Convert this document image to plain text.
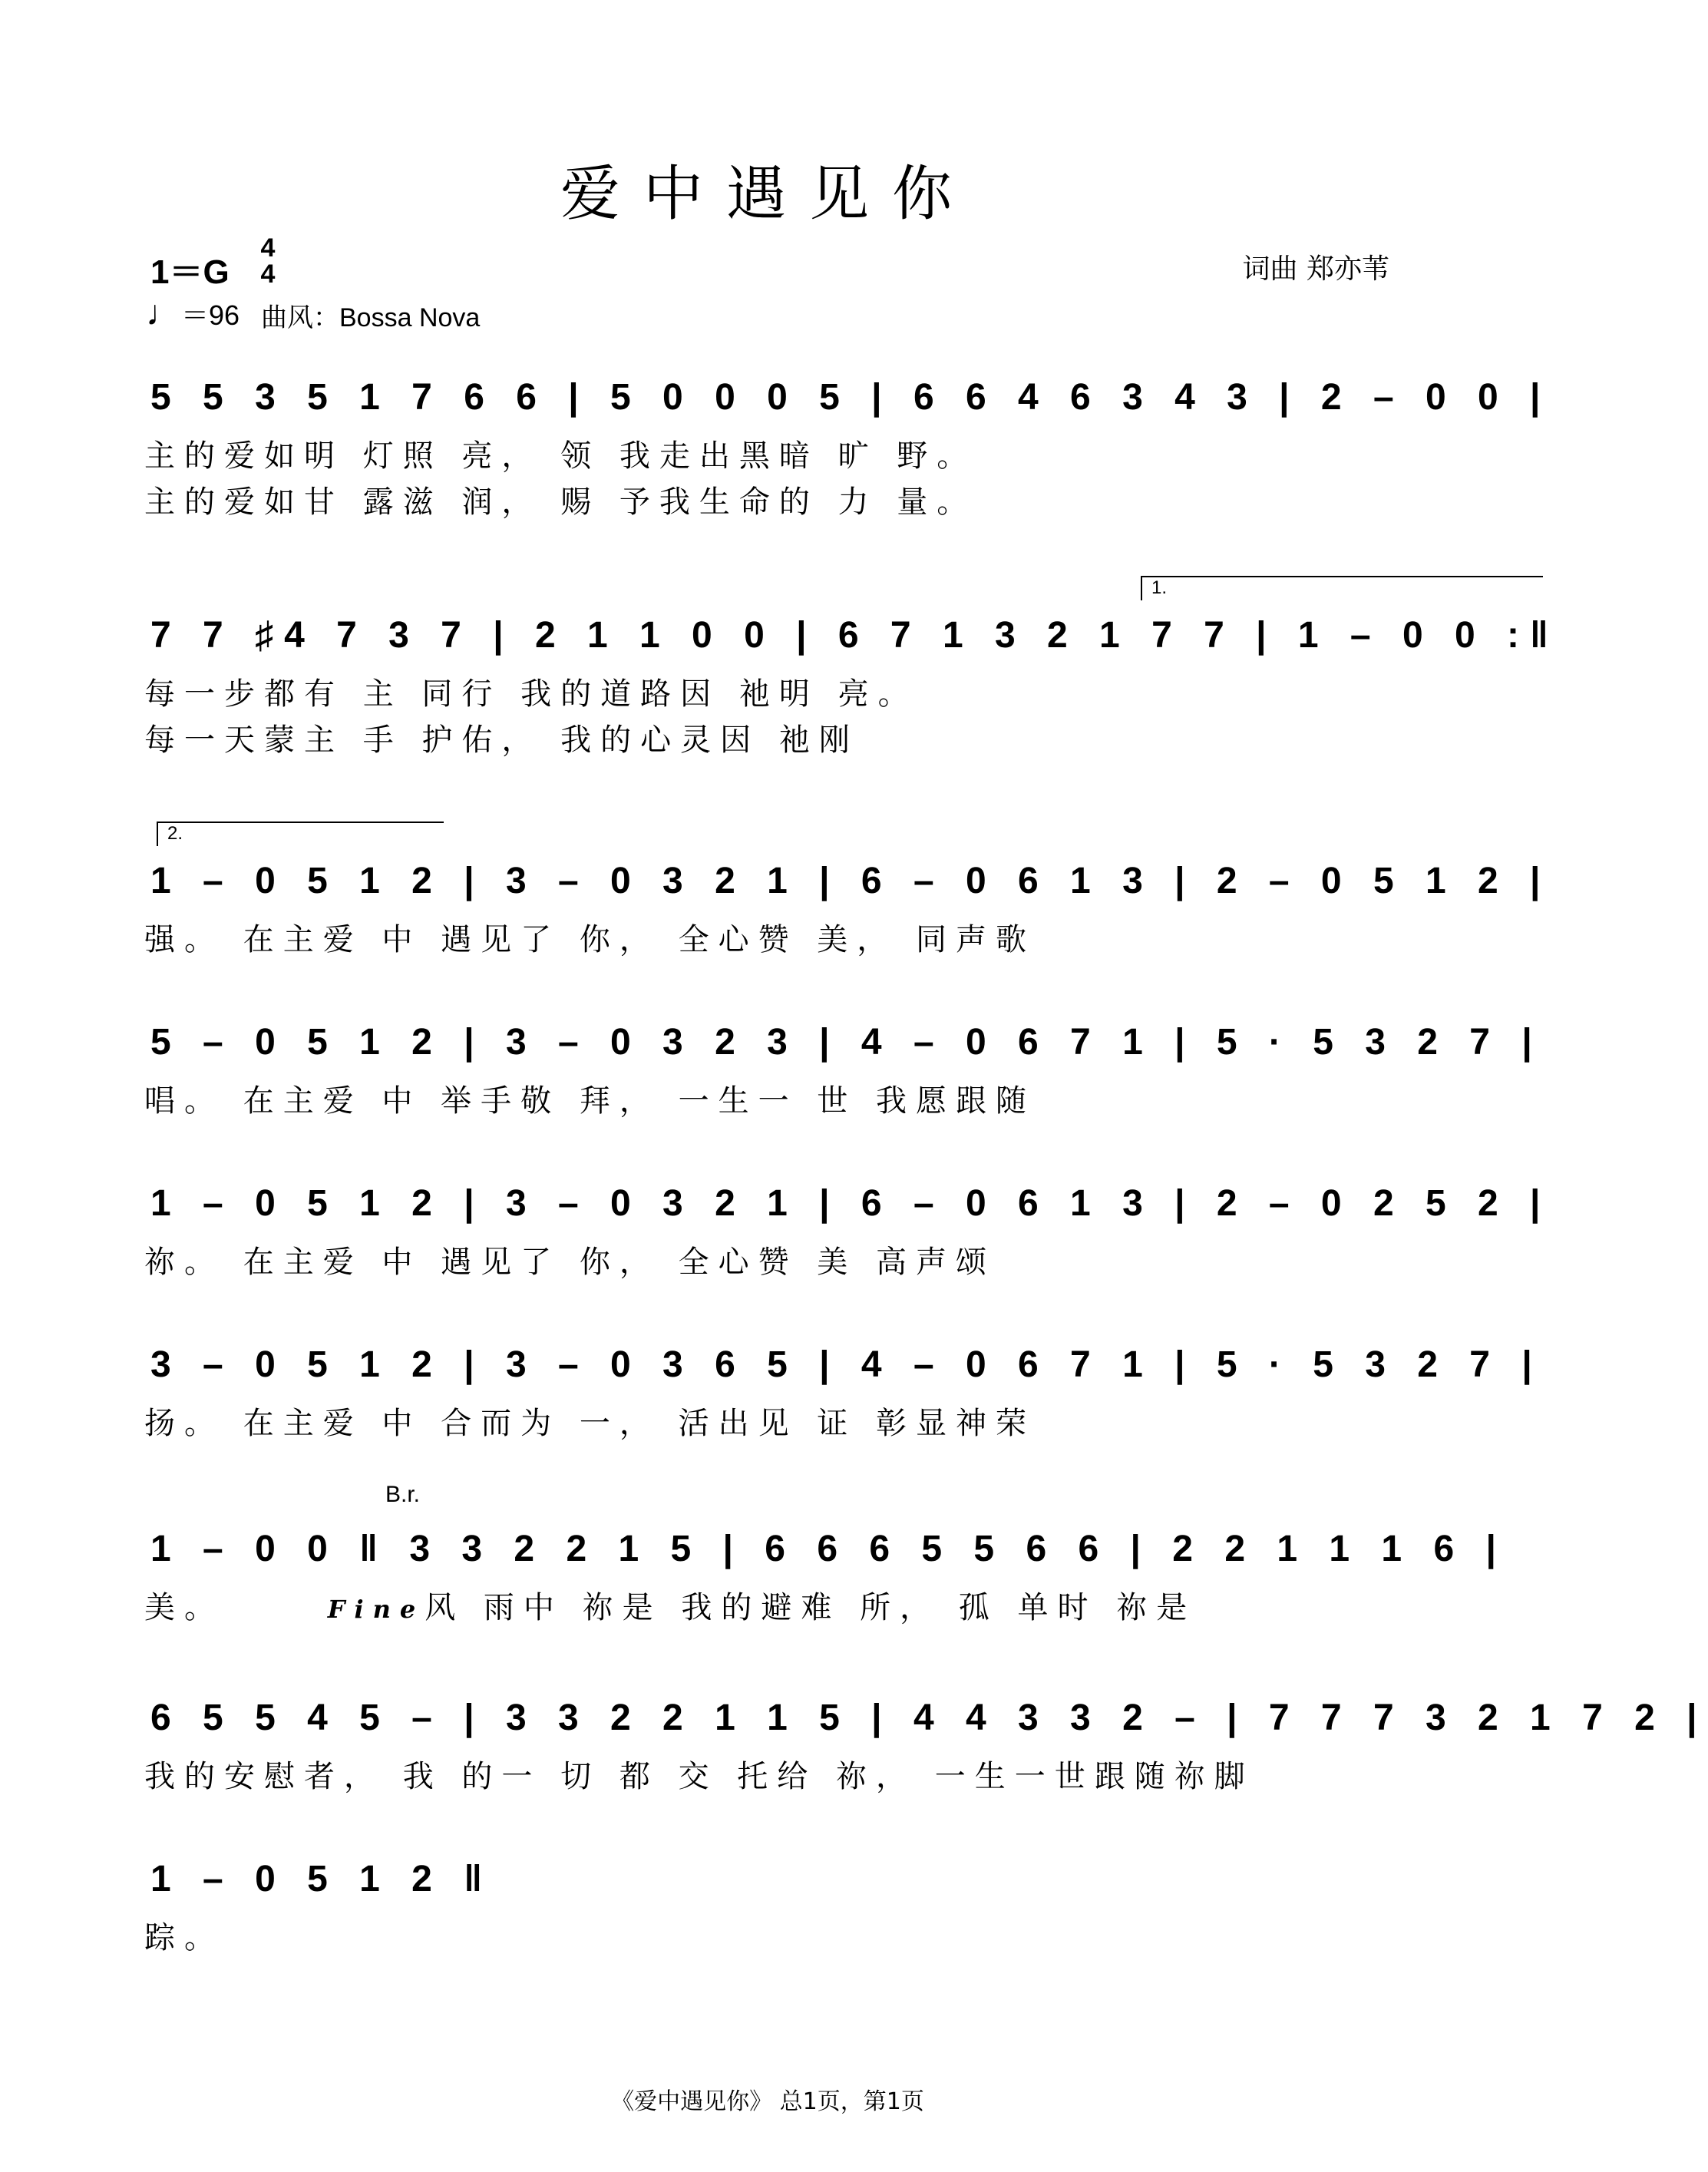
爱中遇见你
1＝G
4
4
♩＝96 曲风：Bossa Nova
词曲 郑亦苇
5 5 3 5 1 7 6 6 | 5 0 0 0 5 | 6 6 4 6 3 4 3 | 2 – 0 0 |
主的爱如明 灯照 亮， 领 我走出黑暗 旷 野。
主的爱如甘 露滋 润， 赐 予我生命的 力 量。
1.
7 7 ♯4 7 3 7 | 2 1 1 0 0 | 6 7 1 3 2 1 7 7 | 1 – 0 0 :‖
每一步都有 主 同行 我的道路因 祂明 亮。
每一天蒙主 手 护佑， 我的心灵因 祂刚
2.
1 – 0 5 1 2 | 3 – 0 3 2 1 | 6 – 0 6 1 3 | 2 – 0 5 1 2 |
强。 在主爱 中 遇见了 你， 全心赞 美， 同声歌
5 – 0 5 1 2 | 3 – 0 3 2 3 | 4 – 0 6 7 1 | 5 · 5 3 2 7 |
唱。 在主爱 中 举手敬 拜， 一生一 世 我愿跟随
1 – 0 5 1 2 | 3 – 0 3 2 1 | 6 – 0 6 1 3 | 2 – 0 2 5 2 |
祢。 在主爱 中 遇见了 你， 全心赞 美 高声颂
3 – 0 5 1 2 | 3 – 0 3 6 5 | 4 – 0 6 7 1 | 5 · 5 3 2 7 |
扬。 在主爱 中 合而为 一， 活出见 证 彰显神荣
B.r.
1 – 0 0 ‖ 3 3 2 2 1 5 | 6 6 6 5 5 6 6 | 2 2 1 1 1 6 |
美。	Fine风 雨中 祢是 我的避难 所， 孤 单时 祢是
6 5 5 4 5 – | 3 3 2 2 1 1 5 | 4 4 3 3 2 – | 7 7 7 3 2 1 7 2 |
我的安慰者， 我 的一 切 都 交 托给 祢， 一生一世跟随祢脚
1 – 0 5 1 2 ‖
踪。
《爱中遇见你》 总1页，第1页
